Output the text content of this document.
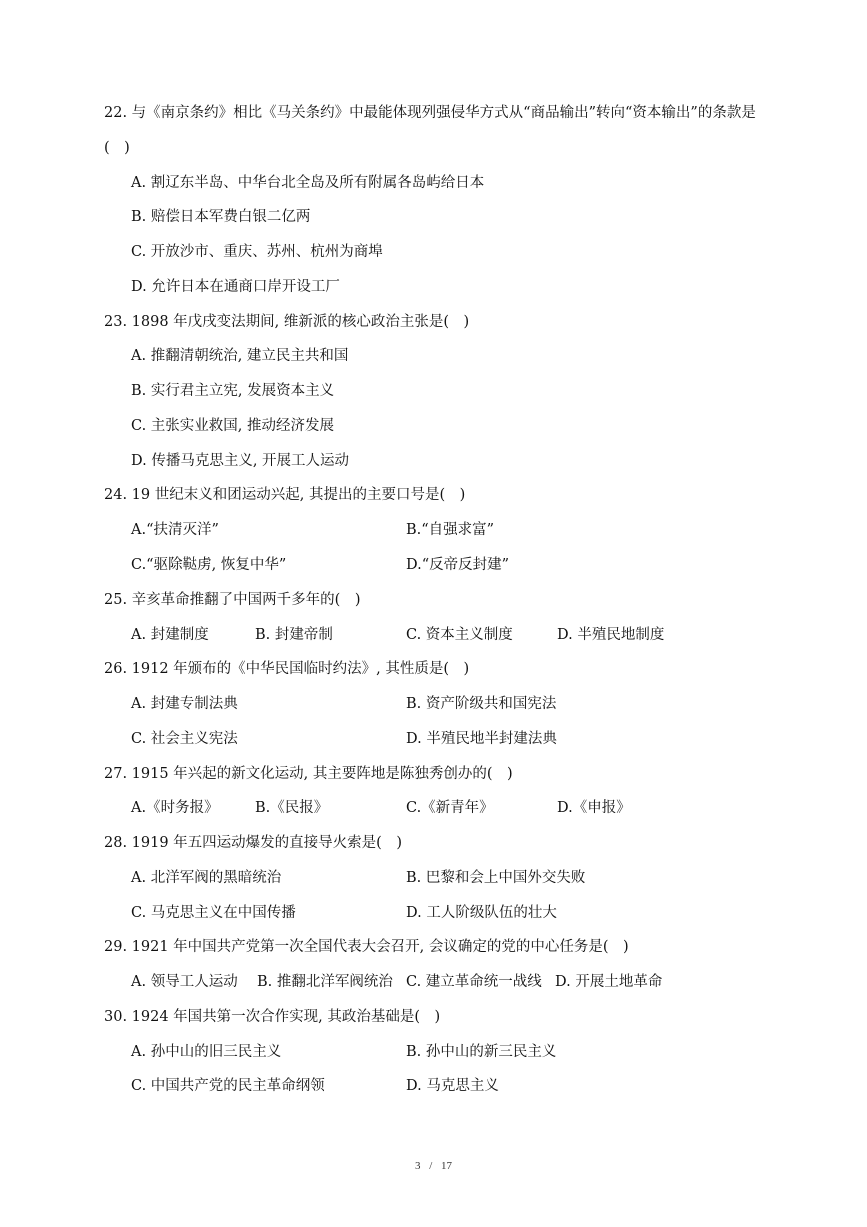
22. 与《南京条约》相比《马关条约》中最能体现列强侵华方式从“商品输出”转向“资本输出”的条款是
(　)
A. 割辽东半岛、中华台北全岛及所有附属各岛屿给日本
B. 赔偿日本军费白银二亿两
C. 开放沙市、重庆、苏州、杭州为商埠
D. 允许日本在通商口岸开设工厂
23. 1898 年戊戌变法期间, 维新派的核心政治主张是(　)
A. 推翻清朝统治, 建立民主共和国
B. 实行君主立宪, 发展资本主义
C. 主张实业救国, 推动经济发展
D. 传播马克思主义, 开展工人运动
24. 19 世纪末义和团运动兴起, 其提出的主要口号是(　)
A.“扶清灭洋”	B.“自强求富”
C.“驱除鞑虏, 恢复中华”	D.“反帝反封建”
25. 辛亥革命推翻了中国两千多年的(　)
A. 封建制度	B. 封建帝制	C. 资本主义制度	D. 半殖民地制度
26. 1912 年颁布的《中华民国临时约法》, 其性质是(　)
A. 封建专制法典	B. 资产阶级共和国宪法
C. 社会主义宪法	D. 半殖民地半封建法典
27. 1915 年兴起的新文化运动, 其主要阵地是陈独秀创办的(　)
A.《时务报》	B.《民报》	C.《新青年》	D.《申报》
28. 1919 年五四运动爆发的直接导火索是(　)
A. 北洋军阀的黑暗统治	B. 巴黎和会上中国外交失败
C. 马克思主义在中国传播	D. 工人阶级队伍的壮大
29. 1921 年中国共产党第一次全国代表大会召开, 会议确定的党的中心任务是(　)
A. 领导工人运动 B. 推翻北洋军阀统治 C. 建立革命统一战线 D. 开展土地革命
30. 1924 年国共第一次合作实现, 其政治基础是(　)
A. 孙中山的旧三民主义	B. 孙中山的新三民主义
C. 中国共产党的民主革命纲领	D. 马克思主义
3 / 17
